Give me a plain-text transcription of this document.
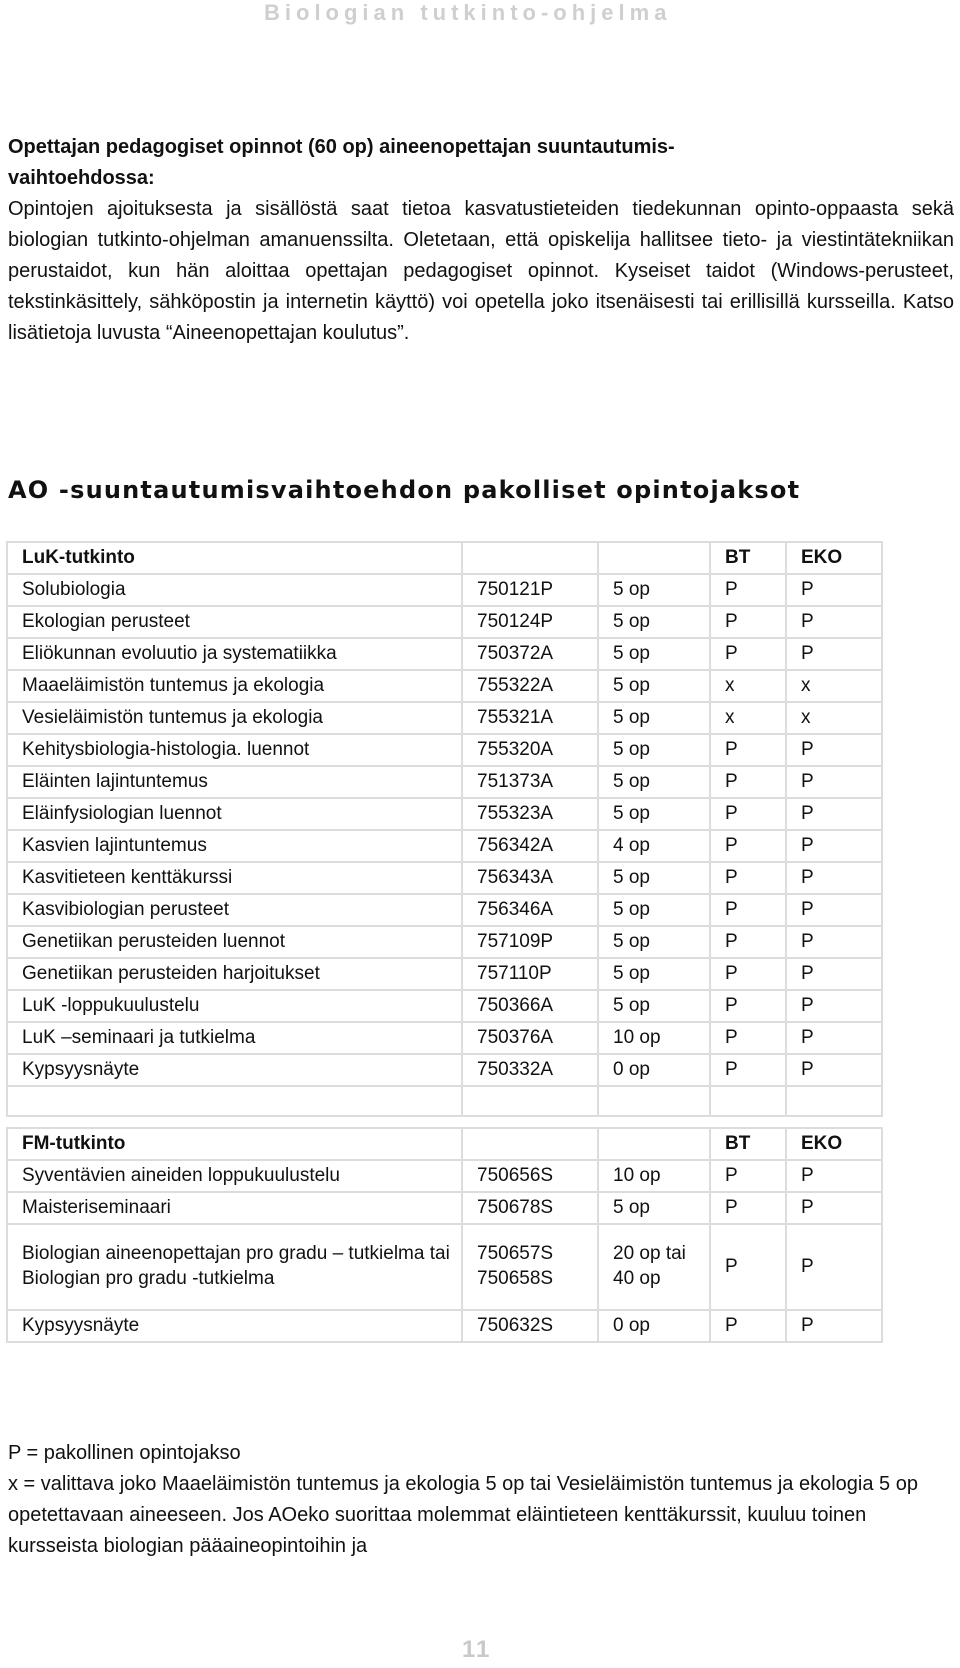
Biologian tutkinto-ohjelma
Opettajan pedagogiset opinnot (60 op) aineenopettajan suuntautumis-
vaihtoehdossa:
Opintojen ajoituksesta ja sisällöstä saat tietoa kasvatustieteiden tiedekunnan opinto-oppaasta sekä biologian tutkinto-ohjelman amanuenssilta. Oletetaan, että opiskelija hallitsee tieto- ja viestintätekniikan perustaidot, kun hän aloittaa opettajan pedagogiset opinnot. Kyseiset taidot (Windows-perusteet, tekstinkäsittely, sähköpostin ja internetin käyttö) voi opetella joko itsenäisesti tai erillisillä kursseilla. Katso lisätietoja luvusta “Aineenopettajan koulutus”.
AO -suuntautumisvaihtoehdon pakolliset opintojaksot
LuK-tutkinto			BT	EKO
Solubiologia	750121P	5 op	P	P
Ekologian perusteet	750124P	5 op	P	P
Eliökunnan evoluutio ja systematiikka	750372A	5 op	P	P
Maaeläimistön tuntemus ja ekologia	755322A	5 op	x	x
Vesieläimistön tuntemus ja ekologia	755321A	5 op	x	x
Kehitysbiologia-histologia. luennot	755320A	5 op	P	P
Eläinten lajintuntemus	751373A	5 op	P	P
Eläinfysiologian luennot	755323A	5 op	P	P
Kasvien lajintuntemus	756342A	4 op	P	P
Kasvitieteen kenttäkurssi	756343A	5 op	P	P
Kasvibiologian perusteet	756346A	5 op	P	P
Genetiikan perusteiden luennot	757109P	5 op	P	P
Genetiikan perusteiden harjoitukset	757110P	5 op	P	P
LuK -loppukuulustelu	750366A	5 op	P	P
LuK –seminaari ja tutkielma	750376A	10 op	P	P
Kypsyysnäyte	750332A	0 op	P	P

FM-tutkinto			BT	EKO
Syventävien aineiden loppukuulustelu	750656S	10 op	P	P
Maisteriseminaari	750678S	5 op	P	P
Biologian aineenopettajan pro gradu – tutkielma tai Biologian pro gradu -tutkielma	750657S 750658S	20 op tai 40 op	P	P
Kypsyysnäyte	750632S	0 op	P	P

P = pakollinen opintojakso

x = valittava joko Maaeläimistön tuntemus ja ekologia 5 op tai Vesieläimistön tuntemus ja ekologia 5 op opetettavaan aineeseen. Jos AOeko suorittaa molemmat eläintieteen kenttäkurssit, kuuluu toinen kursseista biologian pääaineopintoihin ja

11
